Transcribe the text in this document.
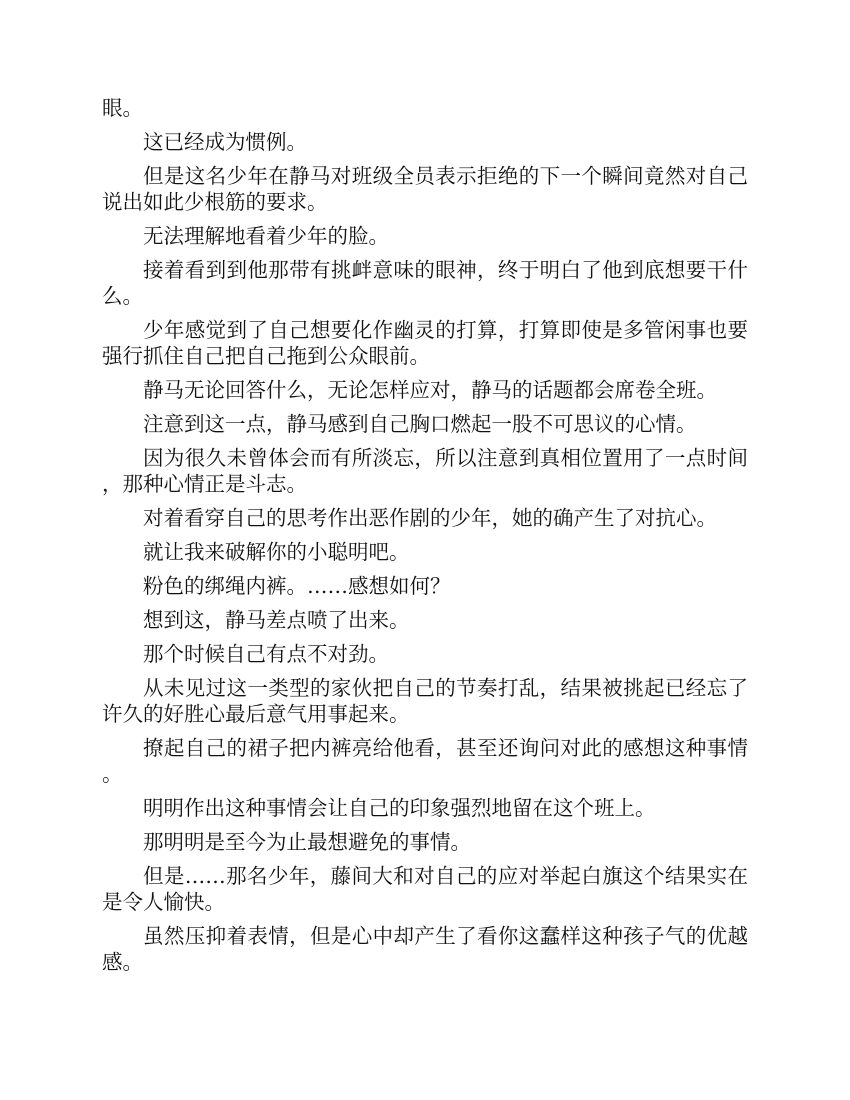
眼。

这已经成为惯例。

但是这名少年在静马对班级全员表示拒绝的下一个瞬间竟然对自己说出如此少根筋的要求。

无法理解地看着少年的脸。

接着看到到他那带有挑衅意味的眼神，终于明白了他到底想要干什么。

少年感觉到了自己想要化作幽灵的打算，打算即使是多管闲事也要强行抓住自己把自己拖到公众眼前。

静马无论回答什么，无论怎样应对，静马的话题都会席卷全班。

注意到这一点，静马感到自己胸口燃起一股不可思议的心情。

因为很久未曾体会而有所淡忘，所以注意到真相位置用了一点时间，那种心情正是斗志。

对着看穿自己的思考作出恶作剧的少年，她的确产生了对抗心。

就让我来破解你的小聪明吧。

粉色的绑绳内裤。……感想如何？

想到这，静马差点喷了出来。

那个时候自己有点不对劲。

从未见过这一类型的家伙把自己的节奏打乱，结果被挑起已经忘了许久的好胜心最后意气用事起来。

撩起自己的裙子把内裤亮给他看，甚至还询问对此的感想这种事情。

明明作出这种事情会让自己的印象强烈地留在这个班上。

那明明是至今为止最想避免的事情。

但是……那名少年，藤间大和对自己的应对举起白旗这个结果实在是令人愉快。

虽然压抑着表情，但是心中却产生了看你这蠢样这种孩子气的优越感。
